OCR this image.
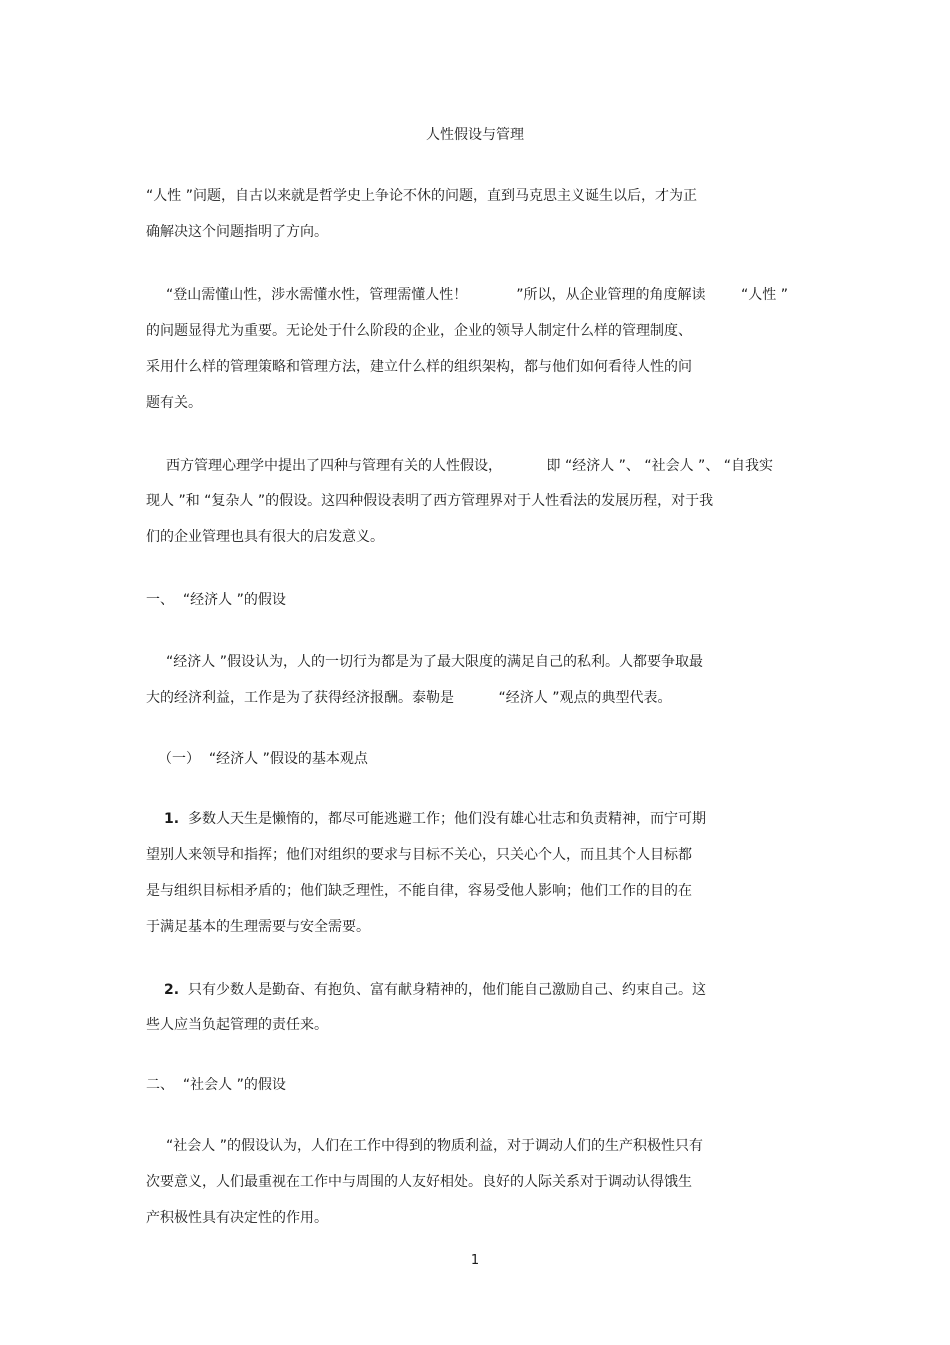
人性假设与管理
“人性 ”问题，自古以来就是哲学史上争论不休的问题，直到马克思主义诞生以后，才为正
确解决这个问题指明了方向。
“登山需懂山性，涉水需懂水性，管理需懂人性！           ”所以，从企业管理的角度解读        “人性 ”
的问题显得尤为重要。无论处于什么阶段的企业，企业的领导人制定什么样的管理制度、
采用什么样的管理策略和管理方法，建立什么样的组织架构，都与他们如何看待人性的问
题有关。
西方管理心理学中提出了四种与管理有关的人性假设，          即 “经济人 ”、 “社会人 ”、 “自我实
现人 ”和 “复杂人 ”的假设。这四种假设表明了西方管理界对于人性看法的发展历程，对于我
们的企业管理也具有很大的启发意义。
一、  “经济人 ”的假设
“经济人 ”假设认为，人的一切行为都是为了最大限度的满足自己的私利。人都要争取最
大的经济利益，工作是为了获得经济报酬。泰勒是          “经济人 ”观点的典型代表。
（一）  “经济人 ”假设的基本观点
1. 多数人天生是懒惰的，都尽可能逃避工作；他们没有雄心壮志和负责精神，而宁可期
望别人来领导和指挥；他们对组织的要求与目标不关心，只关心个人，而且其个人目标都
是与组织目标相矛盾的；他们缺乏理性，不能自律，容易受他人影响；他们工作的目的在
于满足基本的生理需要与安全需要。
2. 只有少数人是勤奋、有抱负、富有献身精神的，他们能自己激励自己、约束自己。这
些人应当负起管理的责任来。
二、  “社会人 ”的假设
“社会人 ”的假设认为，人们在工作中得到的物质利益，对于调动人们的生产积极性只有
次要意义，人们最重视在工作中与周围的人友好相处。良好的人际关系对于调动认得饿生
产积极性具有决定性的作用。
1
